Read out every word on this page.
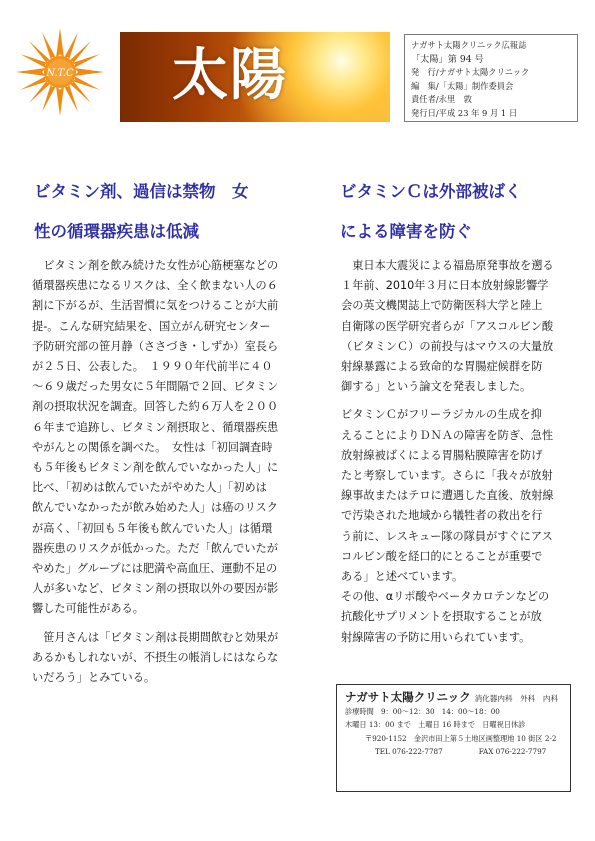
N.T.C 太陽	ナガサト太陽クリニック広報誌
「太陽」第 94 号
発　行/ナガサト太陽クリニック
編　集/「太陽」制作委員会
責任者/永里　敦
発行日/平成 23 年 9 月 1 日
ビタミン剤、過信は禁物　女
性の循環器疾患は低減
ビタミンＣは外部被ばく
による障害を防ぐ

　ビタミン剤を飲み続けた女性が心筋梗塞などの

循環器疾患になるリスクは、全く飲まない人の６

割に下がるが、生活習慣に気をつけることが大前

提-。こんな研究結果を、国立がん研究センター

予防研究部の笹月静（ささづき・しずか）室長ら

が２５日、公表した。　１９９０年代前半に４０

～６９歳だった男女に５年間隔で２回、ビタミン

剤の摂取状況を調査。回答した約６万人を２００

６年まで追跡し、ビタミン剤摂取と、循環器疾患

やがんとの関係を調べた。　女性は「初回調査時

も５年後もビタミン剤を飲んでいなかった人」に

比べ、「初めは飲んでいたがやめた人」「初めは

飲んでいなかったが飲み始めた人」は癌のリスク

が高く、「初回も５年後も飲んでいた人」は循環

器疾患のリスクが低かった。ただ「飲んでいたが

やめた」グループには肥満や高血圧、運動不足の

人が多いなど、ビタミン剤の摂取以外の要因が影

響した可能性がある。

　笹月さんは「ビタミン剤は長期間飲むと効果が

あるかもしれないが、不摂生の帳消しにはならな

いだろう」とみている。

　東日本大震災による福島原発事故を遡る

１年前、2010年３月に日本放射線影響学

会の英文機関誌上で防衛医科大学と陸上

自衛隊の医学研究者らが「アスコルビン酸

（ビタミンＣ）の前投与はマウスの大量放

射線暴露による致命的な胃腸症候群を防

御する」という論文を発表しました。

ビタミンＣがフリーラジカルの生成を抑

えることによりＤＮＡの障害を防ぎ、急性

放射線被ばくによる胃腸粘膜障害を防げ

たと考察しています。さらに「我々が放射

線事故またはテロに遭遇した直後、放射線

で汚染された地域から犠牲者の救出を行

う前に、レスキュー隊の隊員がすぐにアス

コルビン酸を経口的にとることが重要で

ある」と述べています。

その他、αリポ酸やベータカロテンなどの

抗酸化サプリメントを摂取することが放

射線障害の予防に用いられています。

ナガサト太陽クリニック 消化器内科　外科　内科
診療時間　9：00～12：30　14：00～18：00
木曜日 13：00 まで　土曜日 16 時まで　日曜祝日休診
〒920-1152　金沢市田上第５土地区画整理地 10 街区 2-2
TEL 076-222-7787	FAX 076-222-7797
